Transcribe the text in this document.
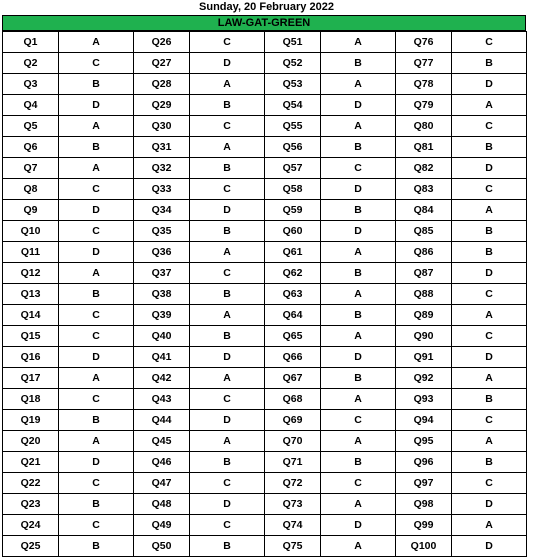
Sunday, 20 February 2022
LAW-GAT-GREEN
Q1	A	Q26	C	Q51	A	Q76	C
Q2	C	Q27	D	Q52	B	Q77	B
Q3	B	Q28	A	Q53	A	Q78	D
Q4	D	Q29	B	Q54	D	Q79	A
Q5	A	Q30	C	Q55	A	Q80	C
Q6	B	Q31	A	Q56	B	Q81	B
Q7	A	Q32	B	Q57	C	Q82	D
Q8	C	Q33	C	Q58	D	Q83	C
Q9	D	Q34	D	Q59	B	Q84	A
Q10	C	Q35	B	Q60	D	Q85	B
Q11	D	Q36	A	Q61	A	Q86	B
Q12	A	Q37	C	Q62	B	Q87	D
Q13	B	Q38	B	Q63	A	Q88	C
Q14	C	Q39	A	Q64	B	Q89	A
Q15	C	Q40	B	Q65	A	Q90	C
Q16	D	Q41	D	Q66	D	Q91	D
Q17	A	Q42	A	Q67	B	Q92	A
Q18	C	Q43	C	Q68	A	Q93	B
Q19	B	Q44	D	Q69	C	Q94	C
Q20	A	Q45	A	Q70	A	Q95	A
Q21	D	Q46	B	Q71	B	Q96	B
Q22	C	Q47	C	Q72	C	Q97	C
Q23	B	Q48	D	Q73	A	Q98	D
Q24	C	Q49	C	Q74	D	Q99	A
Q25	B	Q50	B	Q75	A	Q100	D
